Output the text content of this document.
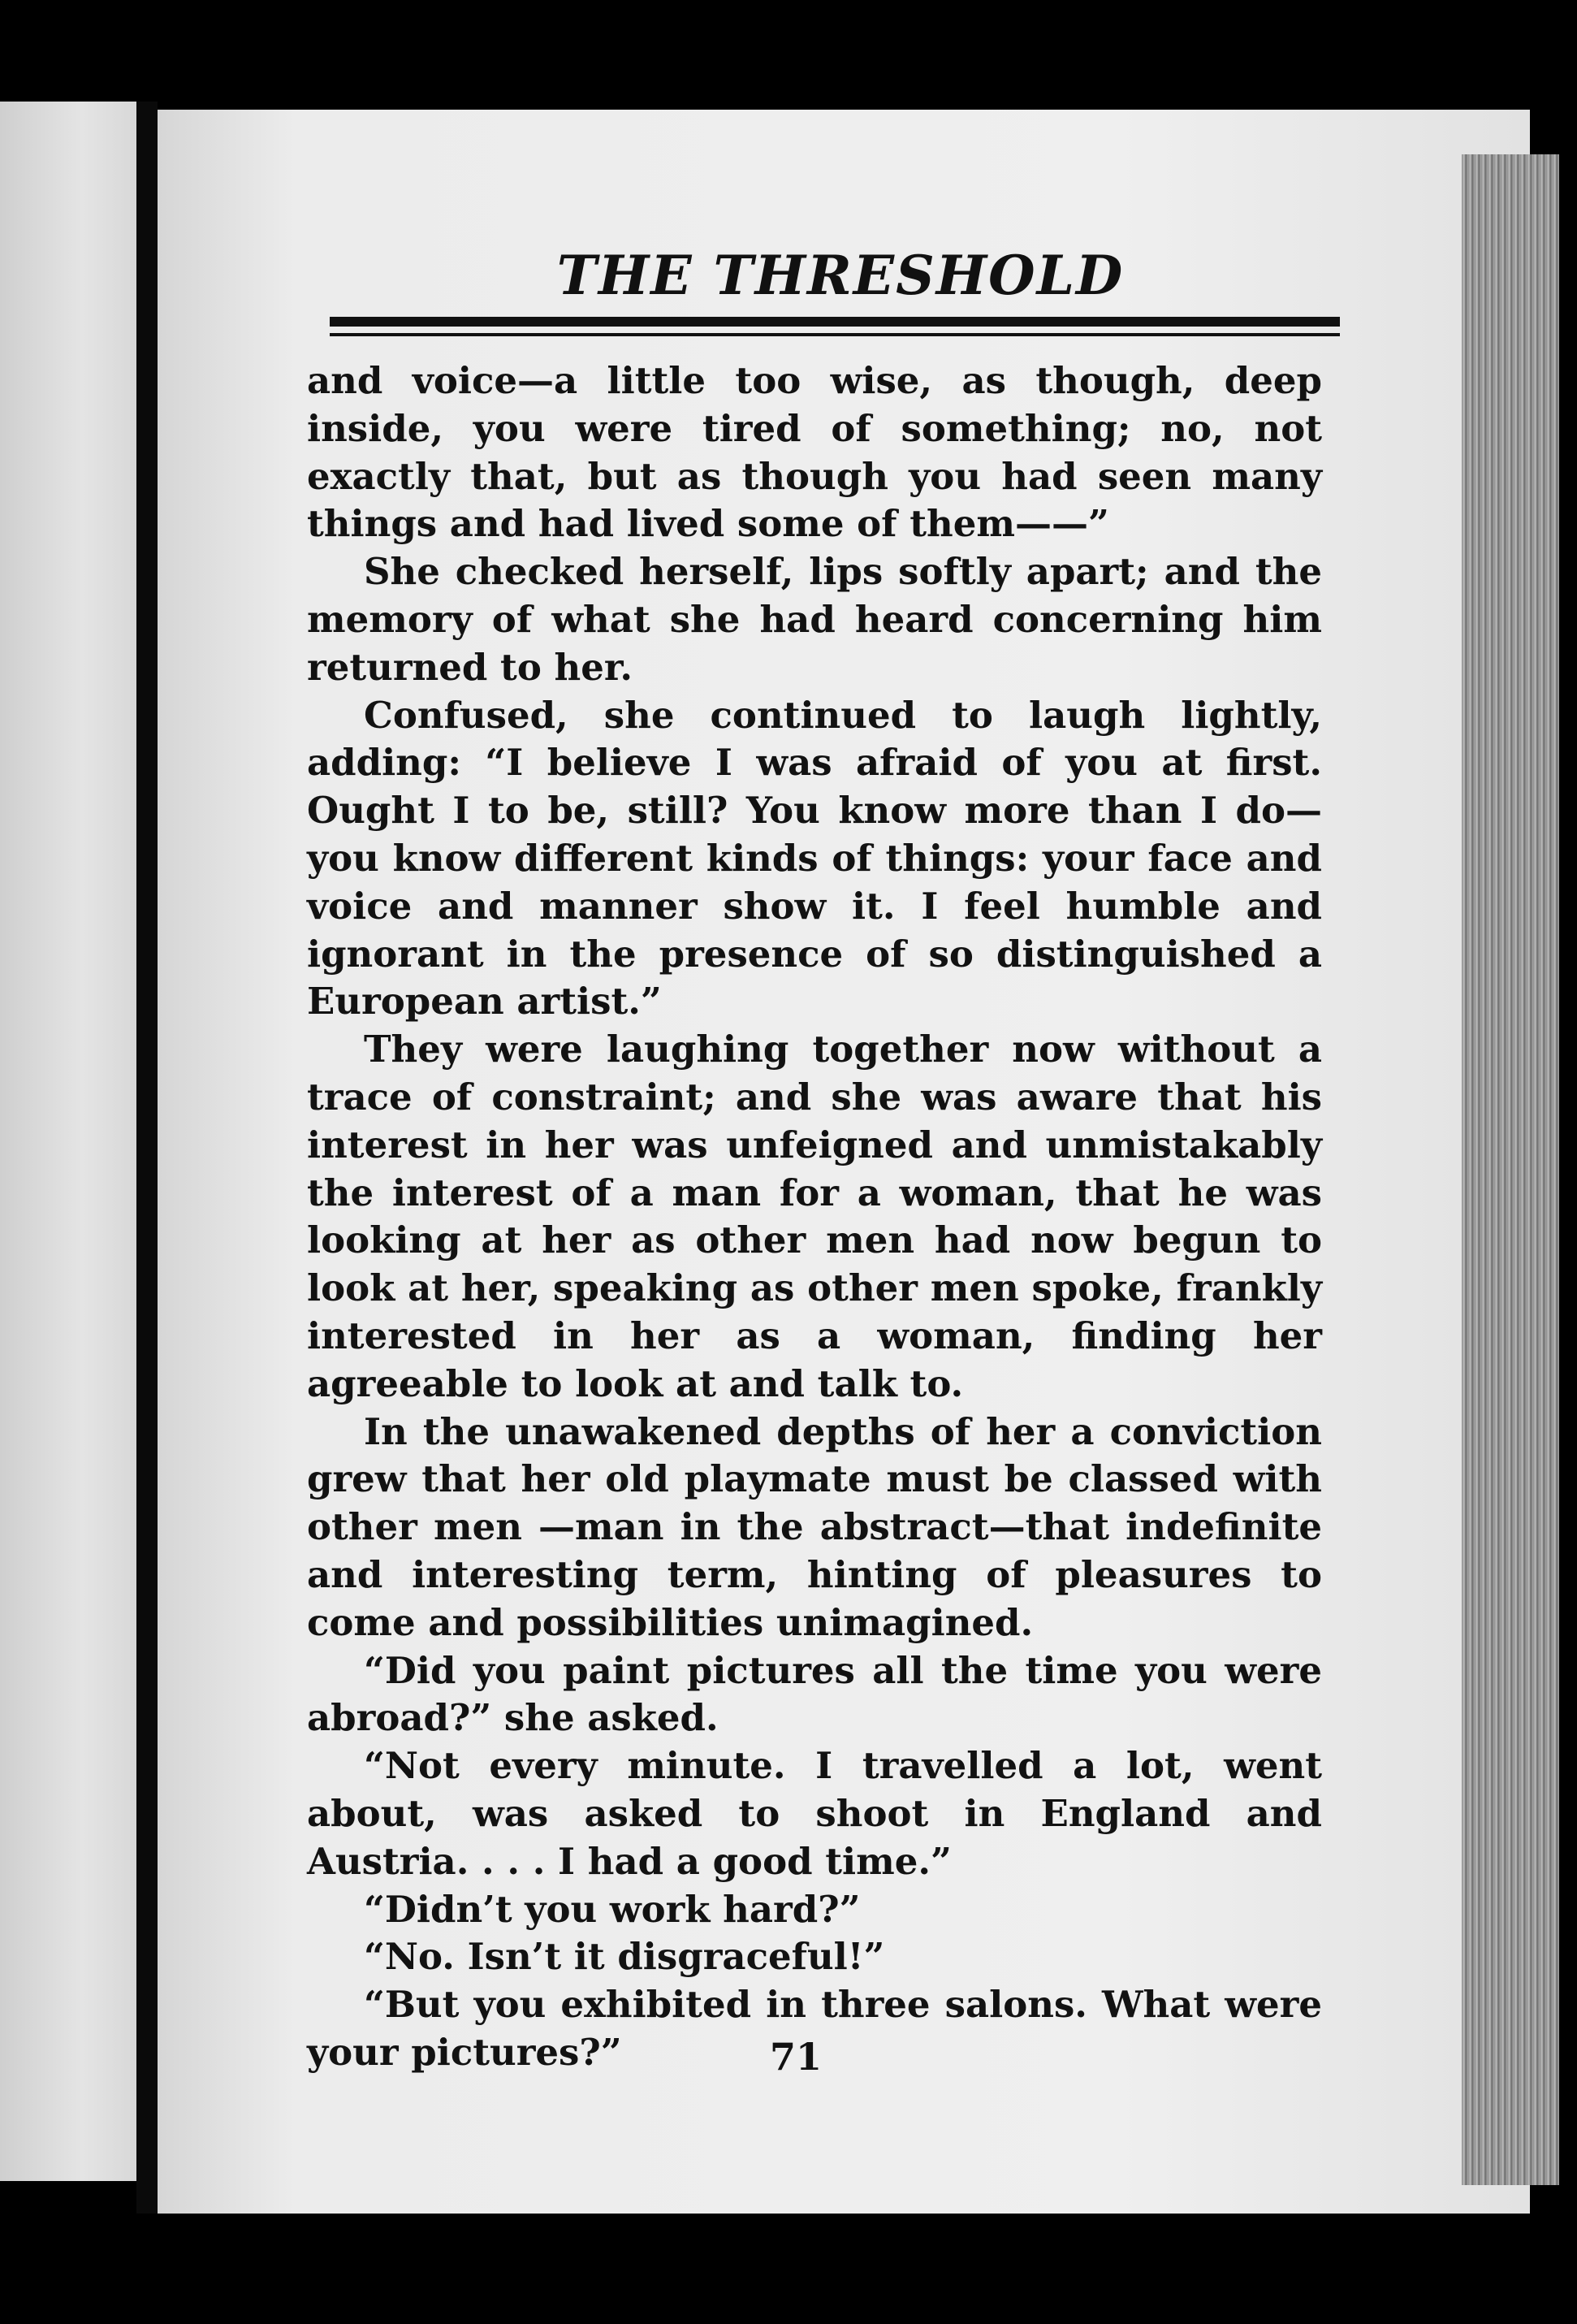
THE THRESHOLD

and voice—a little too wise, as though, deep inside, you were tired of something; no, not exactly that, but as though you had seen many things and had lived some of them——”

She checked herself, lips softly apart; and the memory of what she had heard concerning him returned to her.

Confused, she continued to laugh lightly, adding: “I believe I was afraid of you at first. Ought I to be, still? You know more than I do—you know different kinds of things: your face and voice and manner show it. I feel humble and ignorant in the presence of so distinguished a European artist.”

They were laughing together now without a trace of constraint; and she was aware that his interest in her was unfeigned and unmistakably the interest of a man for a woman, that he was looking at her as other men had now begun to look at her, speaking as other men spoke, frankly interested in her as a woman, finding her agreeable to look at and talk to.

In the unawakened depths of her a conviction grew that her old playmate must be classed with other men —man in the abstract—that indefinite and interesting term, hinting of pleasures to come and possibilities unimagined.

“Did you paint pictures all the time you were abroad?” she asked.

“Not every minute. I travelled a lot, went about, was asked to shoot in England and Austria. . . . I had a good time.”

“Didn’t you work hard?”

“No. Isn’t it disgraceful!”

“But you exhibited in three salons. What were your pictures?”	71
